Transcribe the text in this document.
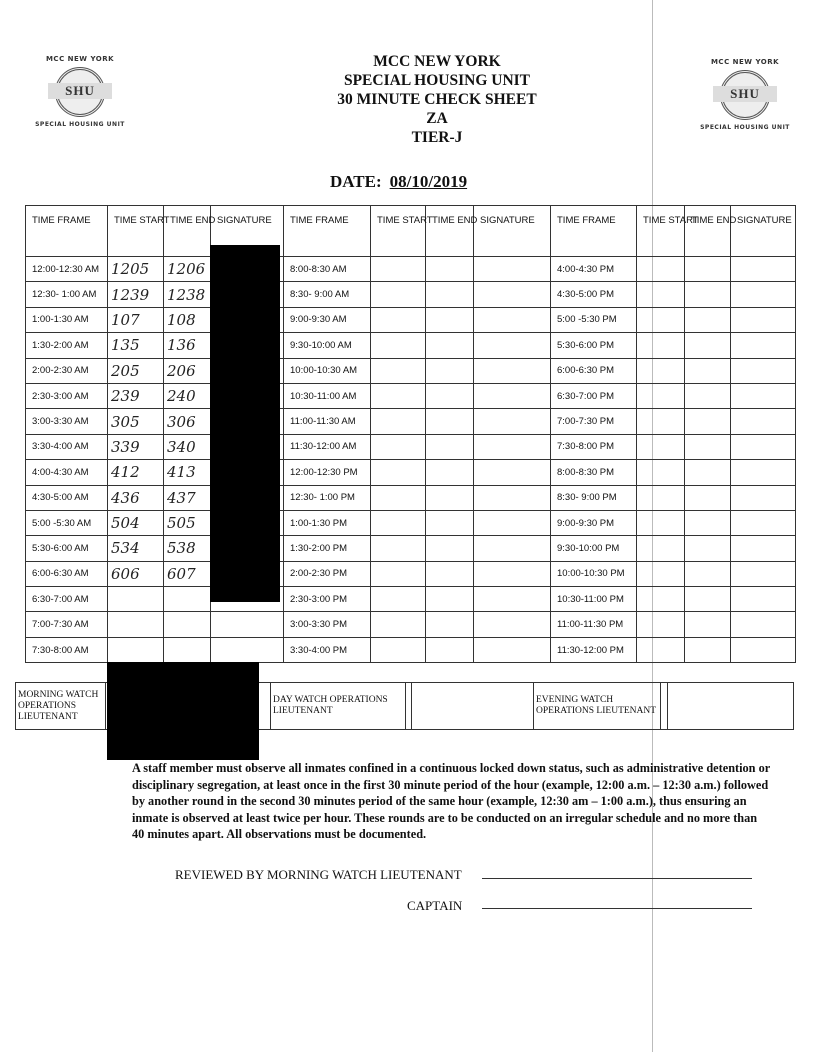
MCC NEW YORK
SHU
SPECIAL HOUSING UNIT
MCC NEW YORK
SHU
SPECIAL HOUSING UNIT
MCC NEW YORK
SPECIAL HOUSING UNIT
30 MINUTE CHECK SHEET
ZA
TIER-J
DATE: 08/10/2019
TIME FRAME	TIME START	TIME END	SIGNATURE	TIME FRAME	TIME START	TIME END	SIGNATURE	TIME FRAME	TIME START	TIME END	SIGNATURE
12:00-12:30 AM	1205	1206		8:00-8:30 AM				4:00-4:30 PM			
12:30- 1:00 AM	1239	1238		8:30- 9:00 AM				4:30-5:00 PM			
1:00-1:30 AM	107	108		9:00-9:30 AM				5:00 -5:30 PM			
1:30-2:00 AM	135	136		9:30-10:00 AM				5:30-6:00 PM			
2:00-2:30 AM	205	206		10:00-10:30 AM				6:00-6:30 PM			
2:30-3:00 AM	239	240		10:30-11:00 AM				6:30-7:00 PM			
3:00-3:30 AM	305	306		11:00-11:30 AM				7:00-7:30 PM			
3:30-4:00 AM	339	340		11:30-12:00 AM				7:30-8:00 PM			
4:00-4:30 AM	412	413		12:00-12:30 PM				8:00-8:30 PM			
4:30-5:00 AM	436	437		12:30- 1:00 PM				8:30- 9:00 PM			
5:00 -5:30 AM	504	505		1:00-1:30 PM				9:00-9:30 PM			
5:30-6:00 AM	534	538		1:30-2:00 PM				9:30-10:00 PM			
6:00-6:30 AM	606	607		2:00-2:30 PM				10:00-10:30 PM			
6:30-7:00 AM				2:30-3:00 PM				10:30-11:00 PM			
7:00-7:30 AM				3:00-3:30 PM				11:00-11:30 PM			
7:30-8:00 AM				3:30-4:00 PM				11:30-12:00 PM			
MORNING WATCH OPERATIONS LIEUTENANT		DAY WATCH OPERATIONS LIEUTENANT			EVENING WATCH OPERATIONS LIEUTENANT		
A staff member must observe all inmates confined in a continuous locked down status, such as administrative detention or disciplinary segregation, at least once in the first 30 minute period of the hour (example, 12:00 a.m. – 12:30 a.m.) followed by another round in the second 30 minutes period of the same hour (example, 12:30 am – 1:00 a.m.), thus ensuring an inmate is observed at least twice per hour. These rounds are to be conducted on an irregular schedule and no more than 40 minutes apart. All observations must be documented.
REVIEWED BY MORNING WATCH LIEUTENANT
CAPTAIN
